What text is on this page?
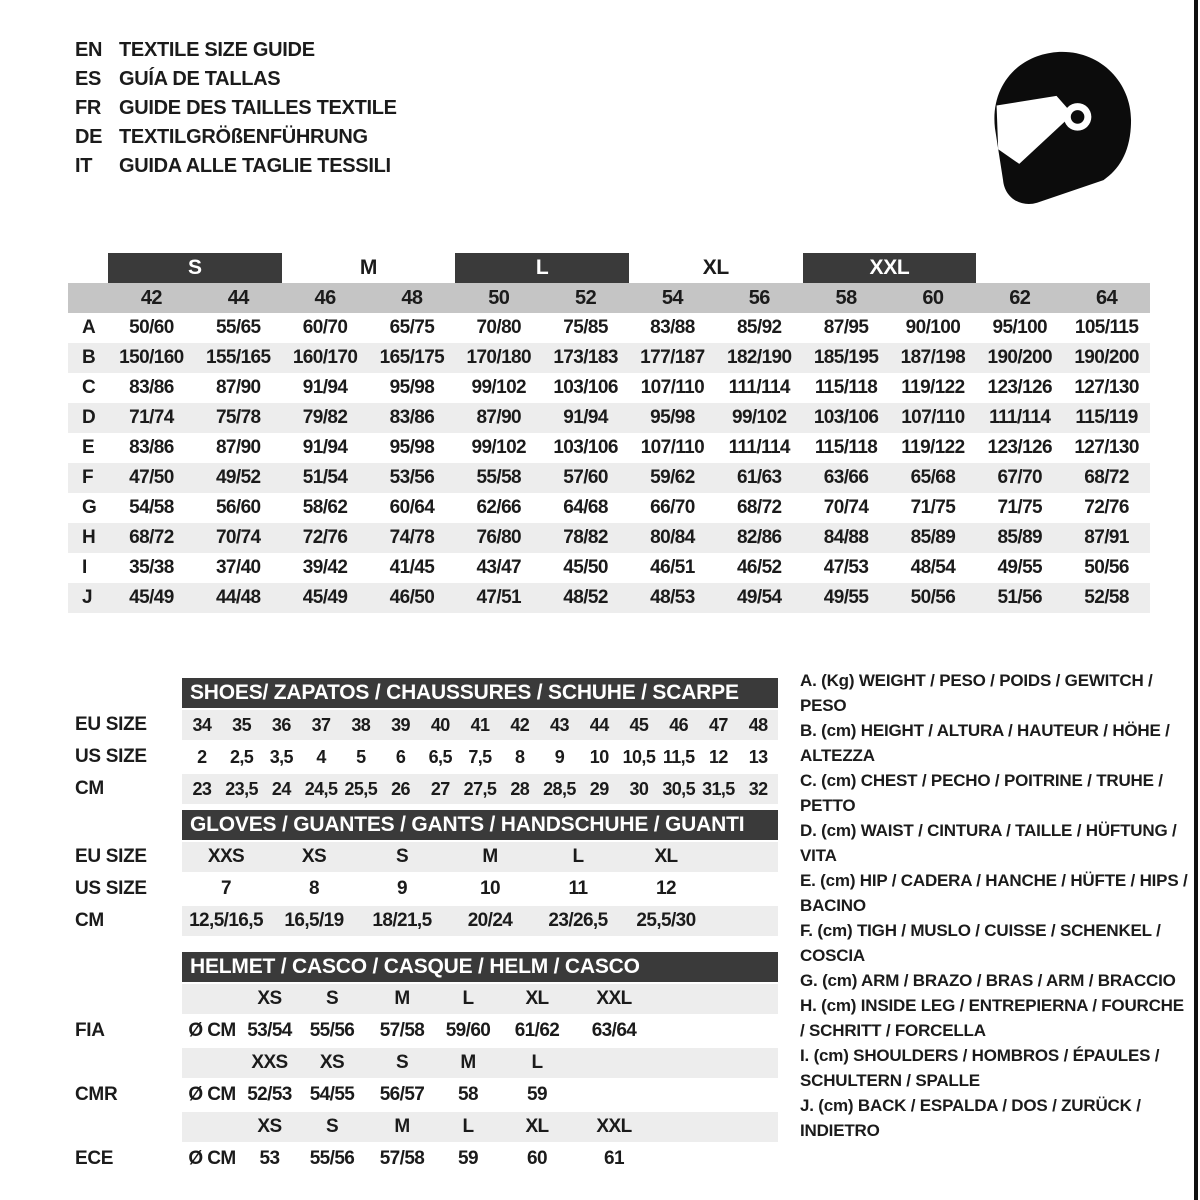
EN TEXTILE SIZE GUIDE
ES GUÍA DE TALLAS
FR GUIDE DES TAILLES TEXTILE
DE TEXTILGRÖßENFÜHRUNG
IT	GUIDA ALLE TAGLIE TESSILI
S	M	L	XL	XXL
42	44	46	48	50	52	54	56	58	60	62	64
A	50/60	55/65	60/70	65/75	70/80	75/85	83/88	85/92	87/95	90/100	95/100	105/115
B	150/160	155/165	160/170	165/175	170/180	173/183	177/187	182/190	185/195	187/198	190/200	190/200
C	83/86	87/90	91/94	95/98	99/102	103/106	107/110	111/114	115/118	119/122	123/126	127/130
D	71/74	75/78	79/82	83/86	87/90	91/94	95/98	99/102	103/106	107/110	111/114	115/119
E	83/86	87/90	91/94	95/98	99/102	103/106	107/110	111/114	115/118	119/122	123/126	127/130
F	47/50	49/52	51/54	53/56	55/58	57/60	59/62	61/63	63/66	65/68	67/70	68/72
G	54/58	56/60	58/62	60/64	62/66	64/68	66/70	68/72	70/74	71/75	71/75	72/76
H	68/72	70/74	72/76	74/78	76/80	78/82	80/84	82/86	84/88	85/89	85/89	87/91
I	35/38	37/40	39/42	41/45	43/47	45/50	46/51	46/52	47/53	48/54	49/55	50/56
J	45/49	44/48	45/49	46/50	47/51	48/52	48/53	49/54	49/55	50/56	51/56	52/58
SHOES/ ZAPATOS / CHAUSSURES / SCHUHE / SCARPE
EU SIZE	34	35	36	37	38	39	40	41	42	43	44	45	46	47	48
US SIZE	2	2,5 3,5	4	5	6	6,5 7,5	8	9	10 10,5 11,5 12	13
CM	23 23,5 24 24,5 25,5 26	27 27,5 28 28,5 29	30 30,5 31,5 32
GLOVES / GUANTES / GANTS / HANDSCHUHE / GUANTI
EU SIZE	XXS	XS	S	M	L	XL
US SIZE	7	8	9	10	11	12
CM	12,5/16,5	16,5/19	18/21,5	20/24	23/26,5	25,5/30
HELMET / CASCO / CASQUE / HELM / CASCO
XS	S	M	L	XL	XXL
FIA	Ø CM 53/54 55/56	57/58	59/60	61/62	63/64
XXS	XS	S	M	L
CMR	Ø CM 52/53 54/55	56/57	58	59
XS	S	M	L	XL	XXL
ECE	Ø CM	53	55/56	57/58	59	60	61
A. (Kg) WEIGHT / PESO / POIDS / GEWITCH / PESO
B. (cm) HEIGHT / ALTURA / HAUTEUR / HÖHE / ALTEZZA
C. (cm) CHEST / PECHO / POITRINE / TRUHE / PETTO
D. (cm) WAIST / CINTURA / TAILLE / HÜFTUNG / VITA
E. (cm) HIP / CADERA / HANCHE / HÜFTE / HIPS / BACINO
F. (cm) TIGH / MUSLO / CUISSE / SCHENKEL / COSCIA
G. (cm) ARM / BRAZO / BRAS / ARM / BRACCIO
H. (cm) INSIDE LEG / ENTREPIERNA / FOURCHE / SCHRITT / FORCELLA
I. (cm) SHOULDERS / HOMBROS / ÉPAULES / SCHULTERN / SPALLE
J. (cm) BACK / ESPALDA / DOS / ZURÜCK / INDIETRO
